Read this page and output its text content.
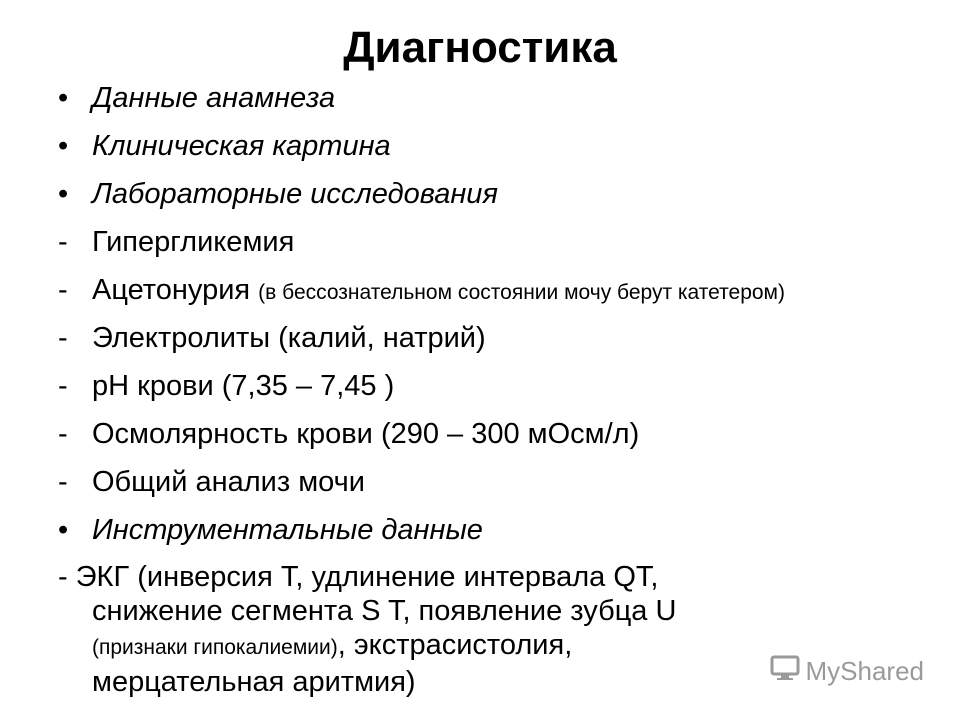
Диагностика
• Данные анамнеза
• Клиническая картина
• Лабораторные исследования
- Гипергликемия
- Ацетонурия (в бессознательном состоянии мочу берут катетером)
- Электролиты (калий, натрий)
- рН крови (7,35 – 7,45 )
- Осмолярность крови (290 – 300 мОсм/л)
- Общий анализ мочи
• Инструментальные данные
- ЭКГ (инверсия Т, удлинение интервала QT,
снижение сегмента S T, появление зубца U
(признаки гипокалиемии), экстрасистолия,
мерцательная аритмия)	MyShared
